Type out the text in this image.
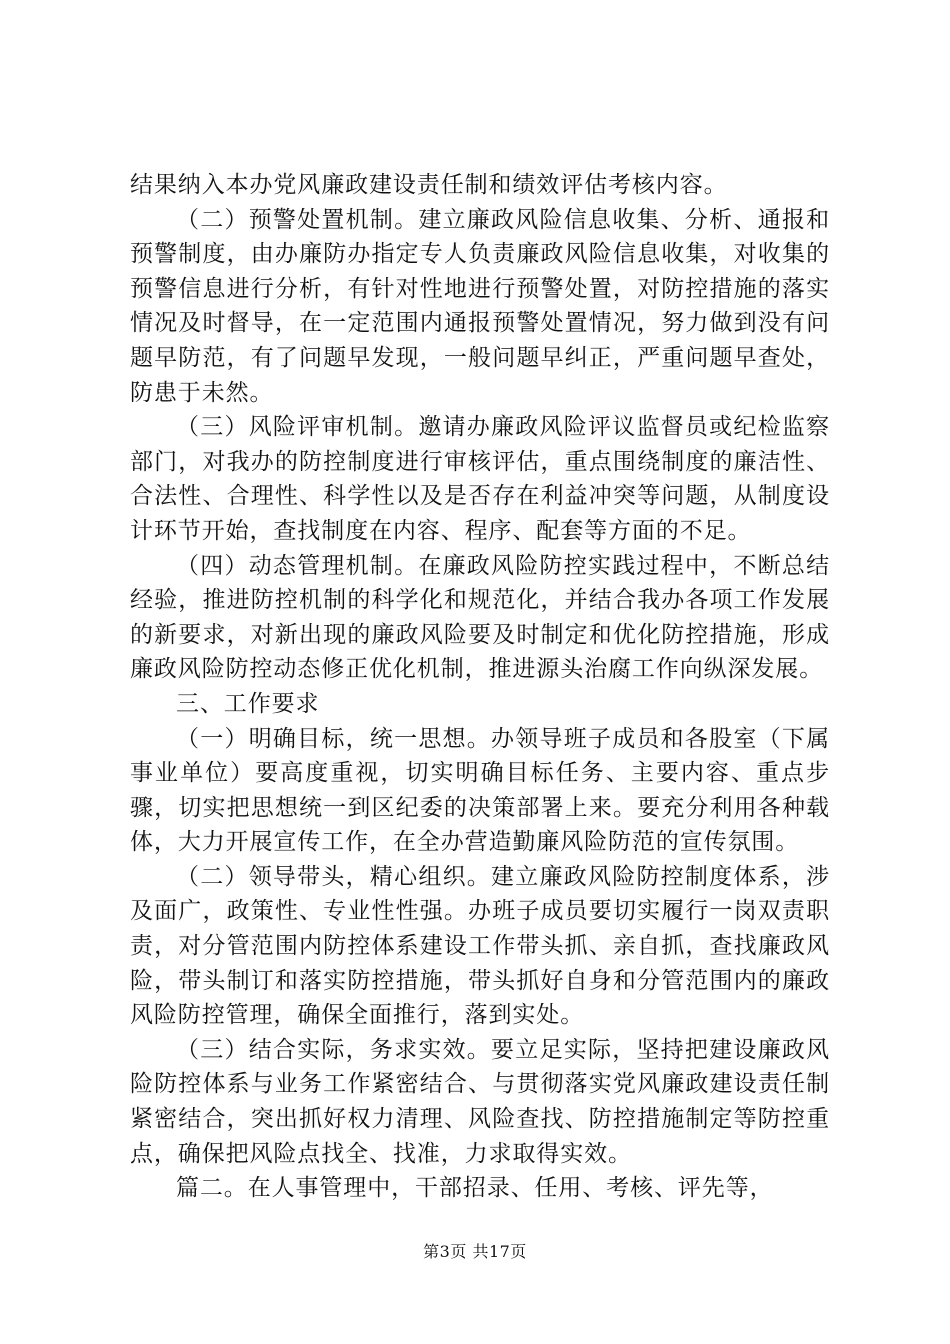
结果纳入本办党风廉政建设责任制和绩效评估考核内容。

（二）预警处置机制。建立廉政风险信息收集、分析、通报和预警制度，由办廉防办指定专人负责廉政风险信息收集，对收集的预警信息进行分析，有针对性地进行预警处置，对防控措施的落实情况及时督导，在一定范围内通报预警处置情况，努力做到没有问题早防范，有了问题早发现，一般问题早纠正，严重问题早查处，防患于未然。

（三）风险评审机制。邀请办廉政风险评议监督员或纪检监察部门，对我办的防控制度进行审核评估，重点围绕制度的廉洁性、合法性、合理性、科学性以及是否存在利益冲突等问题，从制度设计环节开始，查找制度在内容、程序、配套等方面的不足。

（四）动态管理机制。在廉政风险防控实践过程中，不断总结经验，推进防控机制的科学化和规范化，并结合我办各项工作发展的新要求，对新出现的廉政风险要及时制定和优化防控措施，形成廉政风险防控动态修正优化机制，推进源头治腐工作向纵深发展。

三、工作要求

（一）明确目标，统一思想。办领导班子成员和各股室（下属事业单位）要高度重视，切实明确目标任务、主要内容、重点步骤，切实把思想统一到区纪委的决策部署上来。要充分利用各种载体，大力开展宣传工作，在全办营造勤廉风险防范的宣传氛围。

（二）领导带头，精心组织。建立廉政风险防控制度体系，涉及面广，政策性、专业性性强。办班子成员要切实履行一岗双责职责，对分管范围内防控体系建设工作带头抓、亲自抓，查找廉政风险，带头制订和落实防控措施，带头抓好自身和分管范围内的廉政风险防控管理，确保全面推行，落到实处。

（三）结合实际，务求实效。要立足实际，坚持把建设廉政风险防控体系与业务工作紧密结合、与贯彻落实党风廉政建设责任制紧密结合，突出抓好权力清理、风险查找、防控措施制定等防控重点，确保把风险点找全、找准，力求取得实效。

篇二。在人事管理中，干部招录、任用、考核、评先等，

第3页 共17页
